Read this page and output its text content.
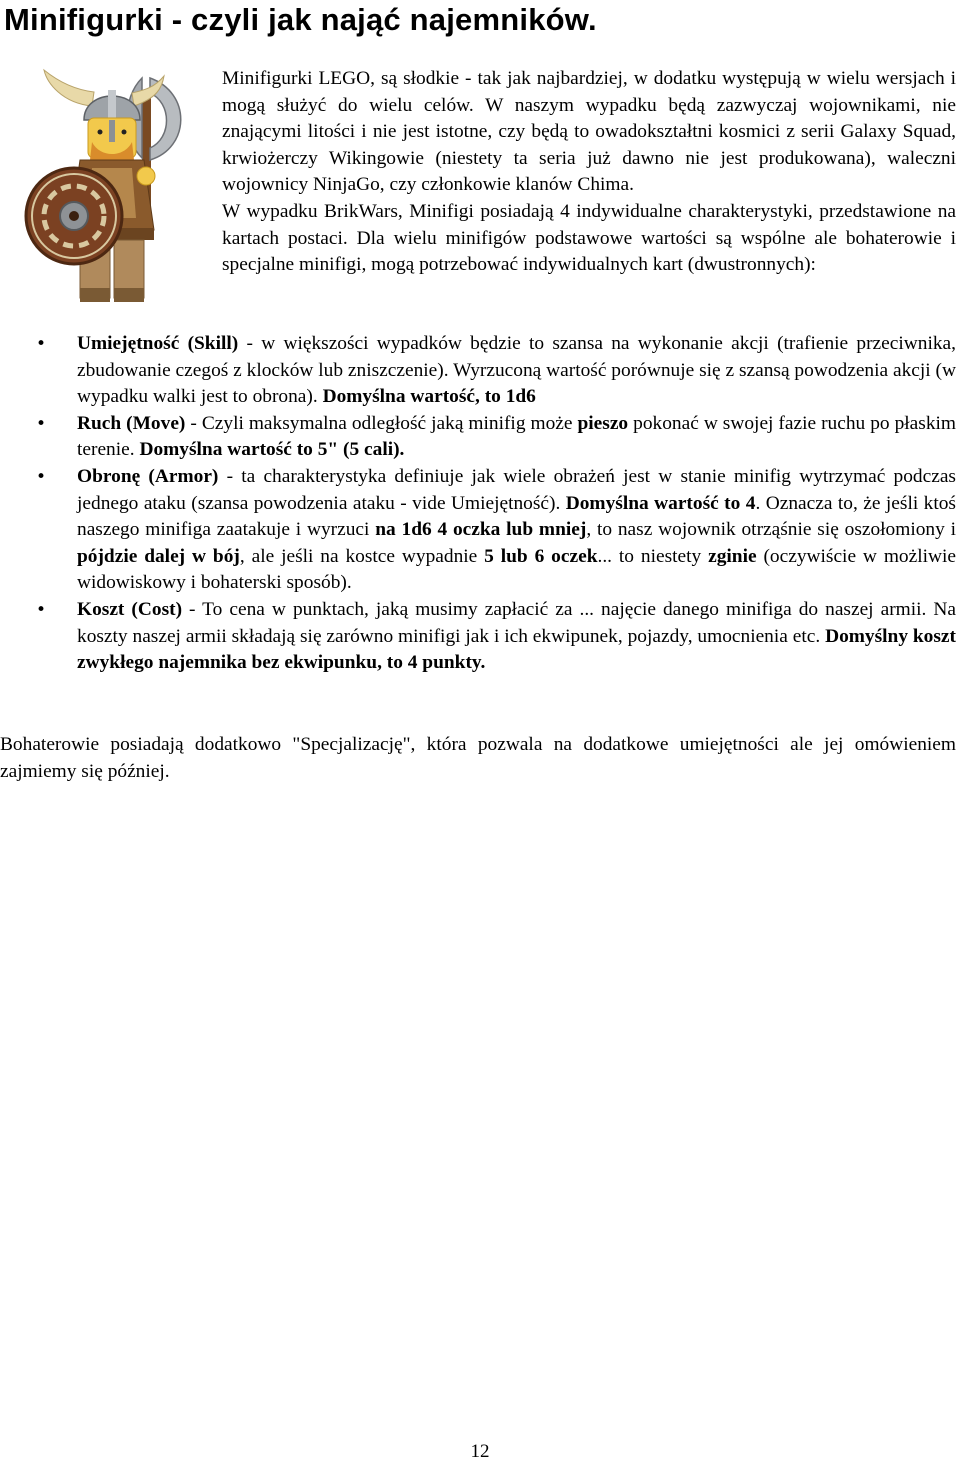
Minifigurki - czyli jak nająć najemników.

Minifigurki LEGO, są słodkie - tak jak najbardziej, w dodatku występują w wielu wersjach i mogą służyć do wielu celów. W naszym wypadku będą zazwyczaj wojownikami, nie znającymi litości i nie jest istotne, czy będą to owadokształtni kosmici z serii Galaxy Squad, krwiożerczy Wikingowie (niestety ta seria już dawno nie jest produkowana), waleczni wojownicy NinjaGo, czy członkowie klanów Chima.

W wypadku BrikWars, Minifigi posiadają 4 indywidualne charakterystyki, przedstawione na kartach postaci. Dla wielu minifigów podstawowe wartości są wspólne ale bohaterowie i specjalne minifigi, mogą potrzebować indywidualnych kart (dwustronnych):

• Umiejętność (Skill) - w większości wypadków będzie to szansa na wykonanie akcji (trafienie przeciwnika, zbudowanie czegoś z klocków lub zniszczenie). Wyrzuconą wartość porównuje się z szansą powodzenia akcji (w wypadku walki jest to obrona). Domyślna wartość, to 1d6
• Ruch (Move) - Czyli maksymalna odległość jaką minifig może pieszo pokonać w swojej fazie ruchu po płaskim terenie. Domyślna wartość to 5" (5 cali).
• Obronę (Armor) - ta charakterystyka definiuje jak wiele obrażeń jest w stanie minifig wytrzymać podczas jednego ataku (szansa powodzenia ataku - vide Umiejętność). Domyślna wartość to 4. Oznacza to, że jeśli ktoś naszego minifiga zaatakuje i wyrzuci na 1d6 4 oczka lub mniej, to nasz wojownik otrząśnie się oszołomiony i pójdzie dalej w bój, ale jeśli na kostce wypadnie 5 lub 6 oczek... to niestety zginie (oczywiście w możliwie widowiskowy i bohaterski sposób).
• Koszt (Cost) - To cena w punktach, jaką musimy zapłacić za ... najęcie danego minifiga do naszej armii. Na koszty naszej armii składają się zarówno minifigi jak i ich ekwipunek, pojazdy, umocnienia etc. Domyślny koszt zwykłego najemnika bez ekwipunku, to 4 punkty.

Bohaterowie posiadają dodatkowo "Specjalizację", która pozwala na dodatkowe umiejętności ale jej omówieniem zajmiemy się później.

12
